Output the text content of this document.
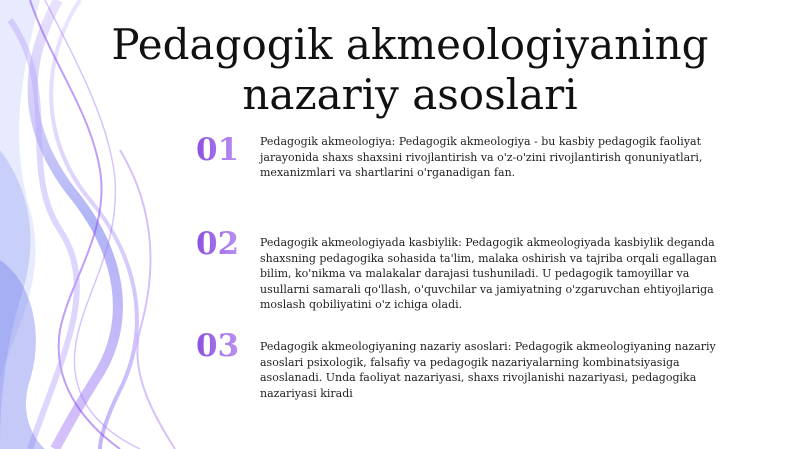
Pedagogik akmeologiyaning
nazariy asoslari
01	Pedagogik akmeologiya: Pedagogik akmeologiya - bu kasbiy pedagogik faoliyat jarayonida shaxs shaxsini rivojlantirish va o'z-o'zini rivojlantirish qonuniyatlari, mexanizmlari va shartlarini o'rganadigan fan.
02	Pedagogik akmeologiyada kasbiylik: Pedagogik akmeologiyada kasbiylik deganda shaxsning pedagogika sohasida ta'lim, malaka oshirish va tajriba orqali egallagan bilim, ko'nikma va malakalar darajasi tushuniladi. U pedagogik tamoyillar va usullarni samarali qo'llash, o'quvchilar va jamiyatning o'zgaruvchan ehtiyojlariga moslash qobiliyatini o'z ichiga oladi.
03	Pedagogik akmeologiyaning nazariy asoslari: Pedagogik akmeologiyaning nazariy asoslari psixologik, falsafiy va pedagogik nazariyalarning kombinatsiyasiga asoslanadi. Unda faoliyat nazariyasi, shaxs rivojlanishi nazariyasi, pedagogika nazariyasi kiradi
